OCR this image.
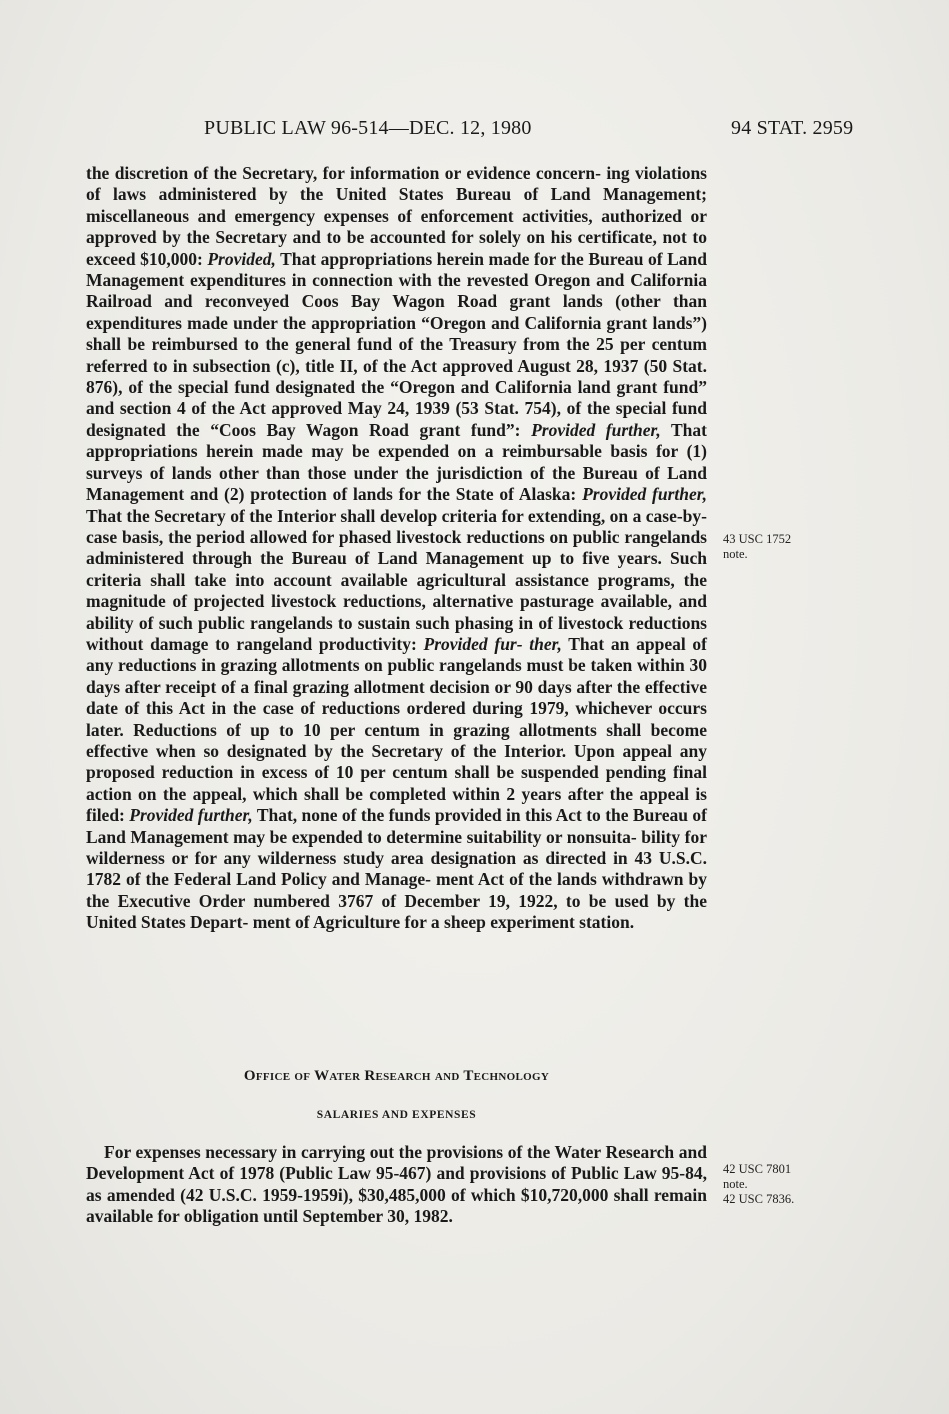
PUBLIC LAW 96-514—DEC. 12, 1980	94 STAT. 2959
the discretion of the Secretary, for information or evidence concern- ing violations of laws administered by the United States Bureau of Land Management; miscellaneous and emergency expenses of enforcement activities, authorized or approved by the Secretary and to be accounted for solely on his certificate, not to exceed $10,000: Provided, That appropriations herein made for the Bureau of Land Management expenditures in connection with the revested Oregon and California Railroad and reconveyed Coos Bay Wagon Road grant lands (other than expenditures made under the appropriation “Oregon and California grant lands”) shall be reimbursed to the general fund of the Treasury from the 25 per centum referred to in subsection (c), title II, of the Act approved August 28, 1937 (50 Stat. 876), of the special fund designated the “Oregon and California land grant fund” and section 4 of the Act approved May 24, 1939 (53 Stat. 754), of the special fund designated the “Coos Bay Wagon Road grant fund”: Provided further, That appropriations herein made may be expended on a reimbursable basis for (1) surveys of lands other than those under the jurisdiction of the Bureau of Land Management and (2) protection of lands for the State of Alaska: Provided further, That the Secretary of the Interior shall develop criteria for extending, on a case-by-case basis, the period allowed for phased livestock reductions on public rangelands administered through the Bureau of Land Management up to five years. Such criteria shall take into account available agricultural assistance programs, the magnitude of projected livestock reductions, alternative pasturage available, and ability of such public rangelands to sustain such phasing in of livestock reductions without damage to rangeland productivity: Provided fur- ther, That an appeal of any reductions in grazing allotments on public rangelands must be taken within 30 days after receipt of a final grazing allotment decision or 90 days after the effective date of this Act in the case of reductions ordered during 1979, whichever occurs later. Reductions of up to 10 per centum in grazing allotments shall become effective when so designated by the Secretary of the Interior. Upon appeal any proposed reduction in excess of 10 per centum shall be suspended pending final action on the appeal, which shall be completed within 2 years after the appeal is filed: Provided further, That, none of the funds provided in this Act to the Bureau of Land Management may be expended to determine suitability or nonsuita- bility for wilderness or for any wilderness study area designation as directed in 43 U.S.C. 1782 of the Federal Land Policy and Manage- ment Act of the lands withdrawn by the Executive Order numbered 3767 of December 19, 1922, to be used by the United States Depart- ment of Agriculture for a sheep experiment station.
Office of Water Research and Technology
SALARIES AND EXPENSES
For expenses necessary in carrying out the provisions of the Water Research and Development Act of 1978 (Public Law 95-467) and provisions of Public Law 95-84, as amended (42 U.S.C. 1959-1959i), $30,485,000 of which $10,720,000 shall remain available for obligation until September 30, 1982.
43 USC 1752
note.
42 USC 7801
note.
42 USC 7836.
